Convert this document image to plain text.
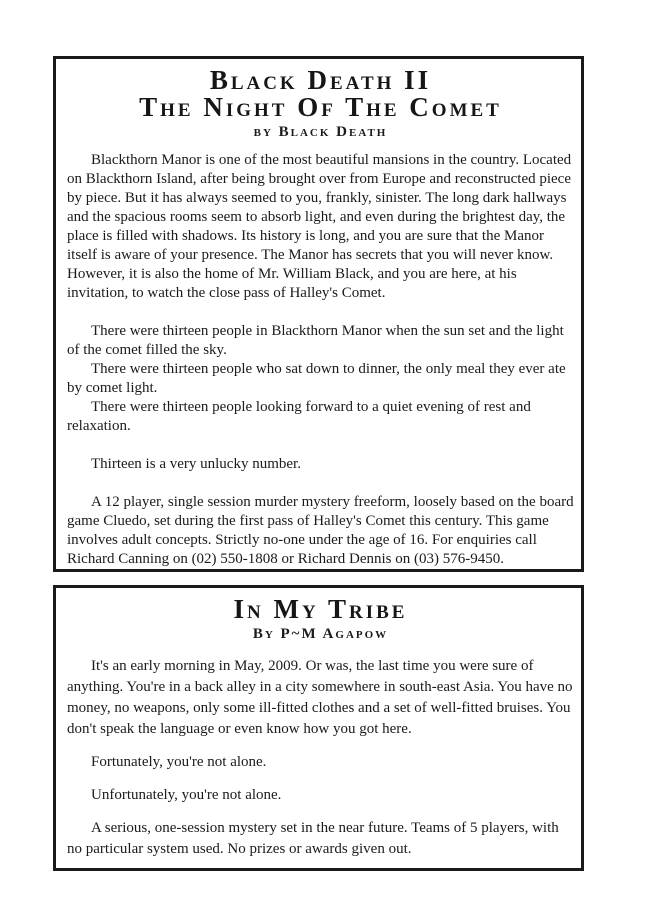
Black Death II
The Night Of The Comet
by Black Death

Blackthorn Manor is one of the most beautiful mansions in the country. Located on Blackthorn Island, after being brought over from Europe and reconstructed piece by piece. But it has always seemed to you, frankly, sinister. The long dark hallways and the spacious rooms seem to absorb light, and even during the brightest day, the place is filled with shadows. Its history is long, and you are sure that the Manor itself is aware of your presence. The Manor has secrets that you will never know. However, it is also the home of Mr. William Black, and you are here, at his invitation, to watch the close pass of Halley's Comet.

There were thirteen people in Blackthorn Manor when the sun set and the light of the comet filled the sky.

There were thirteen people who sat down to dinner, the only meal they ever ate by comet light.

There were thirteen people looking forward to a quiet evening of rest and relaxation.

Thirteen is a very unlucky number.

A 12 player, single session murder mystery freeform, loosely based on the board game Cluedo, set during the first pass of Halley's Comet this century. This game involves adult concepts. Strictly no-one under the age of 16. For enquiries call Richard Canning on (02) 550-1808 or Richard Dennis on (03) 576-9450.

In My Tribe
By P~M Agapow

It's an early morning in May, 2009. Or was, the last time you were sure of anything. You're in a back alley in a city somewhere in south-east Asia. You have no money, no weapons, only some ill-fitted clothes and a set of well-fitted bruises. You don't speak the language or even know how you got here.

Fortunately, you're not alone.

Unfortunately, you're not alone.

A serious, one-session mystery set in the near future. Teams of 5 players, with no particular system used. No prizes or awards given out.
